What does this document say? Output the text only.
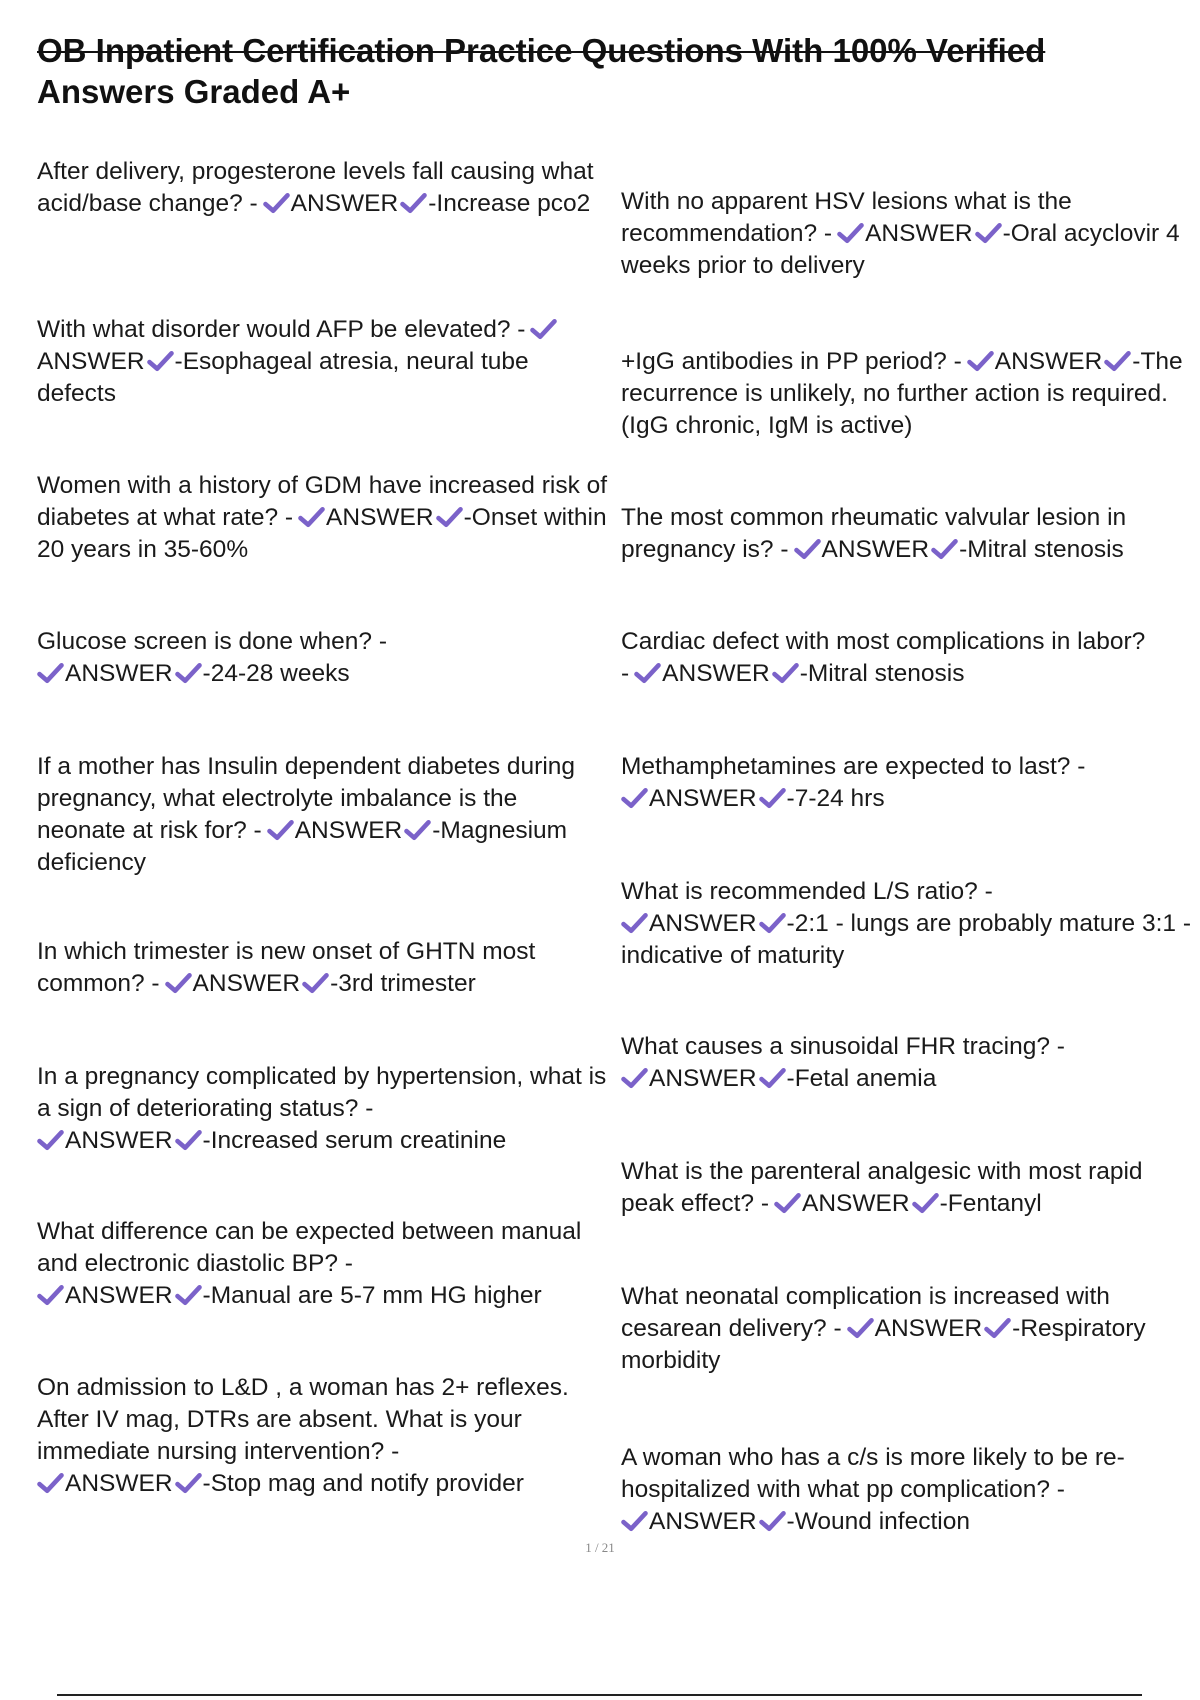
OB Inpatient Certification Practice Questions With 100% Verified
Answers Graded A+

After delivery, progesterone levels fall causing what acid/base change? - ANSWER -Increase pco2

With what disorder would AFP be elevated? -ANSWER -Esophageal atresia, neural tube defects

Women with a history of GDM have increased risk of diabetes at what rate? - ANSWER -Onset within 20 years in 35-60%

Glucose screen is done when? -
ANSWER -24-28 weeks

If a mother has Insulin dependent diabetes during pregnancy, what electrolyte imbalance is the neonate at risk for? - ANSWER -Magnesium deficiency

In which trimester is new onset of GHTN most common? - ANSWER -3rd trimester

In a pregnancy complicated by hypertension, what is a sign of deteriorating status? -
ANSWER -Increased serum creatinine

What difference can be expected between manual and electronic diastolic BP? -
ANSWER -Manual are 5-7 mm HG higher

On admission to L&D , a woman has 2+ reflexes. After IV mag, DTRs are absent. What is your immediate nursing intervention? -
ANSWER -Stop mag and notify provider

With no apparent HSV lesions what is the recommendation? - ANSWER -Oral acyclovir 4 weeks prior to delivery

+IgG antibodies in PP period? - ANSWER -The recurrence is unlikely, no further action is required. (IgG chronic, IgM is active)

The most common rheumatic valvular lesion in pregnancy is? - ANSWER -Mitral stenosis

Cardiac defect with most complications in labor?
- ANSWER -Mitral stenosis

Methamphetamines are expected to last? -
ANSWER -7-24 hrs

What is recommended L/S ratio? -
ANSWER -2:1 - lungs are probably mature 3:1 - indicative of maturity

What causes a sinusoidal FHR tracing? -
ANSWER -Fetal anemia

What is the parenteral analgesic with most rapid peak effect? - ANSWER -Fentanyl

What neonatal complication is increased with cesarean delivery? - ANSWER -Respiratory morbidity

A woman who has a c/s is more likely to be re-hospitalized with what pp complication? -
ANSWER -Wound infection

1 / 21
